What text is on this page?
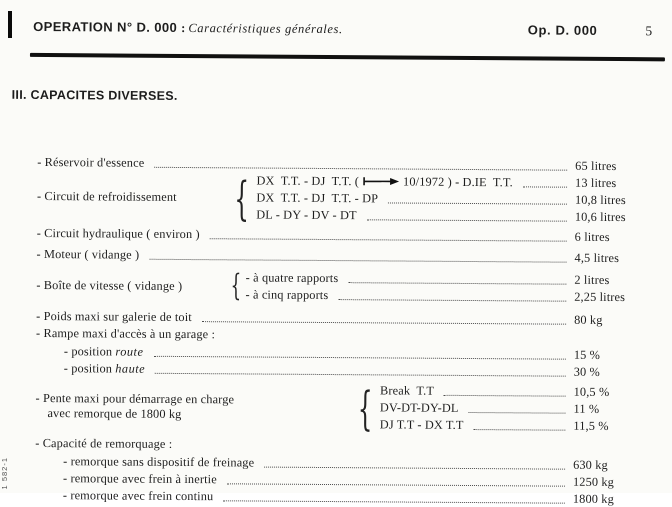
OPERATION N° D. 000 : Caractéristiques générales.	Op. D. 000	5
III. CAPACITES DIVERSES.
- Réservoir d'essence	65 litres
- Circuit de refroidissement	{ DX  T.T. - DJ  T.T. (	10/1972 ) - D.IE  T.T.	13 litres
DX  T.T. - DJ  T.T. - DP	10,8 litres
DL - DY - DV - DT	10,6 litres
- Circuit hydraulique ( environ )	6 litres
- Moteur ( vidange )	4,5 litres
- Boîte de vitesse ( vidange )	{ - à quatre rapports	2 litres
- à cinq rapports	2,25 litres
- Poids maxi sur galerie de toit	80 kg
- Rampe maxi d'accès à un garage :
- position route	15 %
- position haute	30 %
- Pente maxi pour démarrage en charge
avec remorque de 1800 kg	{ Break  T.T	10,5 %
DV-DT-DY-DL	11 %
DJ T.T - DX T.T	11,5 %
- Capacité de remorquage :
- remorque sans dispositif de freinage	630 kg
- remorque avec frein à inertie	1250 kg
- remorque avec frein continu	1800 kg
1 582-1
